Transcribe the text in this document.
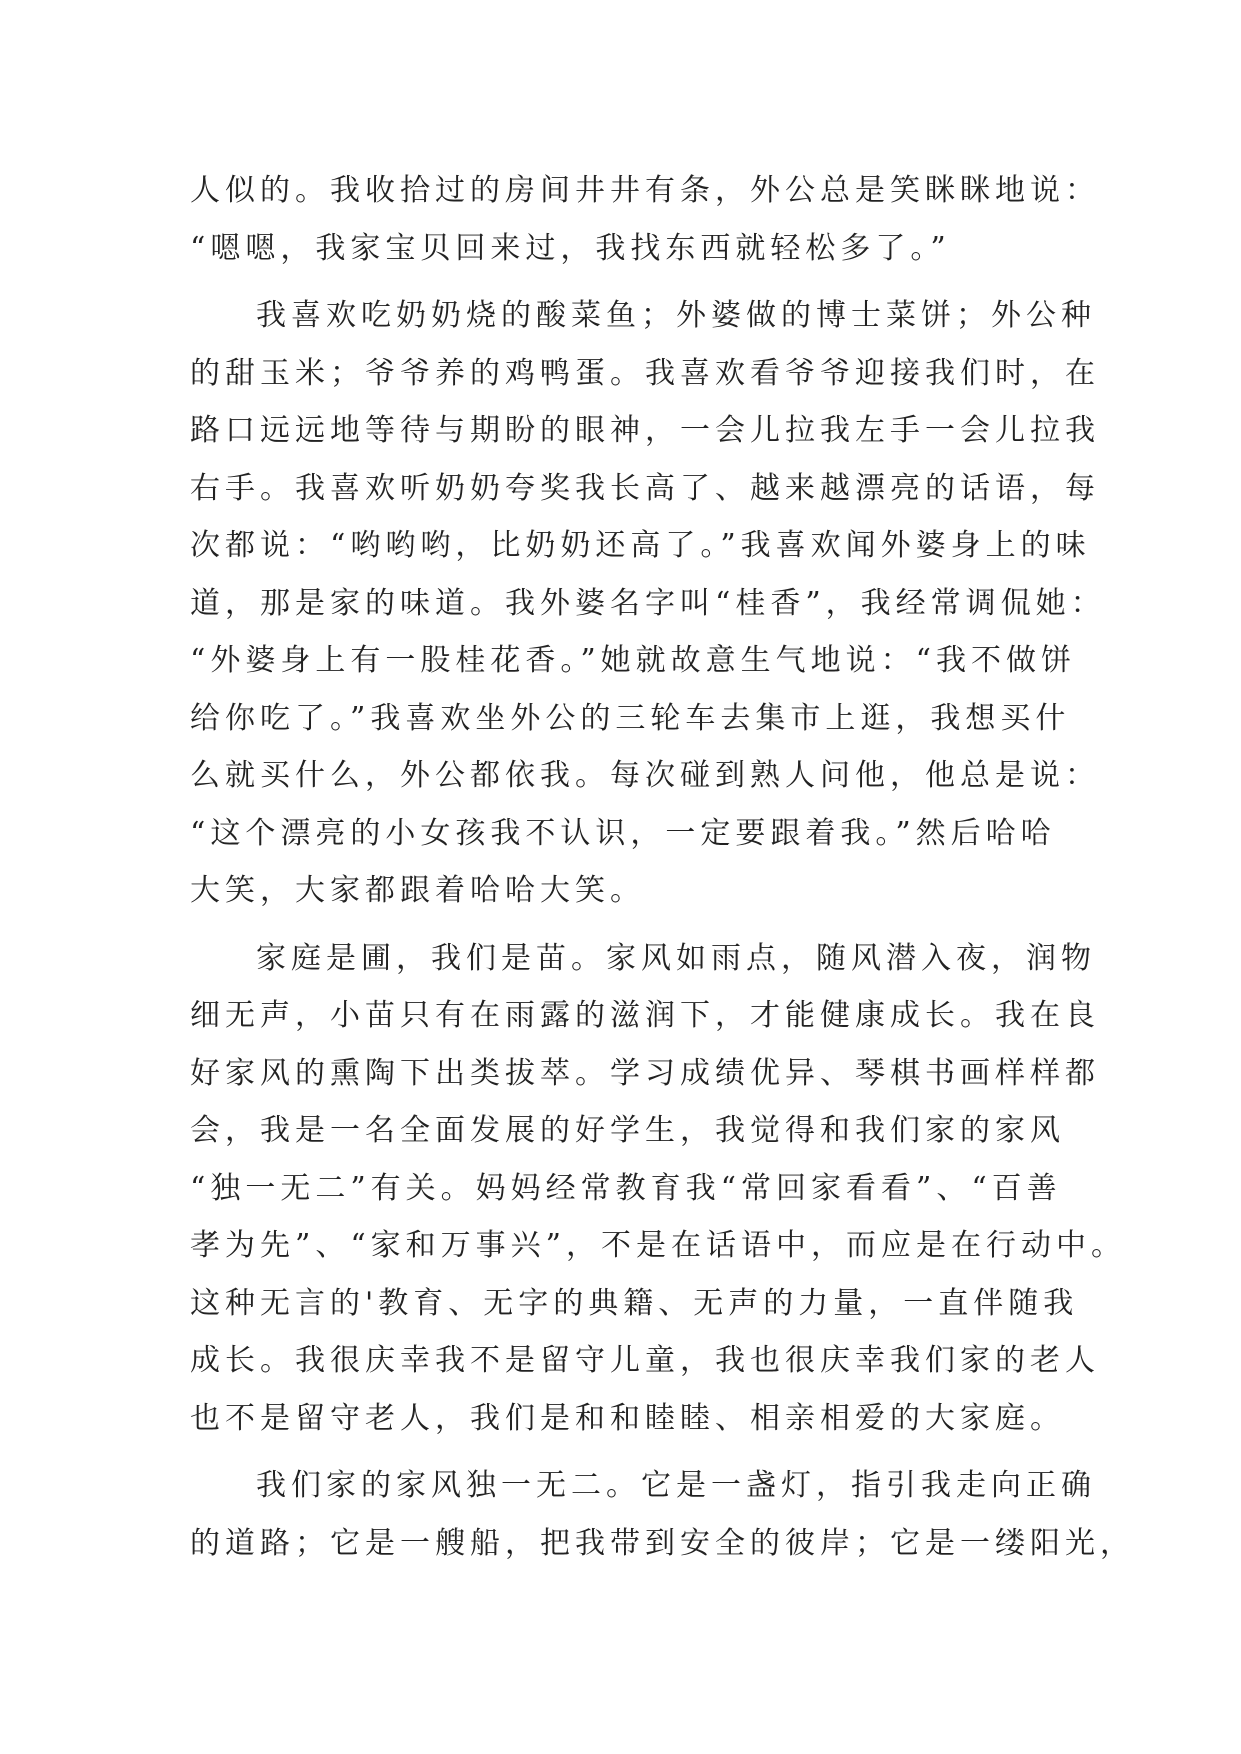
人似的。我收拾过的房间井井有条，外公总是笑眯眯地说：
“嗯嗯，我家宝贝回来过，我找东西就轻松多了。”
我喜欢吃奶奶烧的酸菜鱼；外婆做的博士菜饼；外公种
的甜玉米；爷爷养的鸡鸭蛋。我喜欢看爷爷迎接我们时，在
路口远远地等待与期盼的眼神，一会儿拉我左手一会儿拉我
右手。我喜欢听奶奶夸奖我长高了、越来越漂亮的话语，每
次都说：“哟哟哟，比奶奶还高了。”我喜欢闻外婆身上的味
道，那是家的味道。我外婆名字叫“桂香”，我经常调侃她：
“外婆身上有一股桂花香。”她就故意生气地说：“我不做饼
给你吃了。”我喜欢坐外公的三轮车去集市上逛，我想买什
么就买什么，外公都依我。每次碰到熟人问他，他总是说：
“这个漂亮的小女孩我不认识，一定要跟着我。”然后哈哈
大笑，大家都跟着哈哈大笑。
家庭是圃，我们是苗。家风如雨点，随风潜入夜，润物
细无声，小苗只有在雨露的滋润下，才能健康成长。我在良
好家风的熏陶下出类拔萃。学习成绩优异、琴棋书画样样都
会，我是一名全面发展的好学生，我觉得和我们家的家风
“独一无二”有关。妈妈经常教育我“常回家看看”、“百善
孝为先”、“家和万事兴”，不是在话语中，而应是在行动中。
这种无言的'教育、无字的典籍、无声的力量，一直伴随我
成长。我很庆幸我不是留守儿童，我也很庆幸我们家的老人
也不是留守老人，我们是和和睦睦、相亲相爱的大家庭。
我们家的家风独一无二。它是一盏灯，指引我走向正确
的道路；它是一艘船，把我带到安全的彼岸；它是一缕阳光，
